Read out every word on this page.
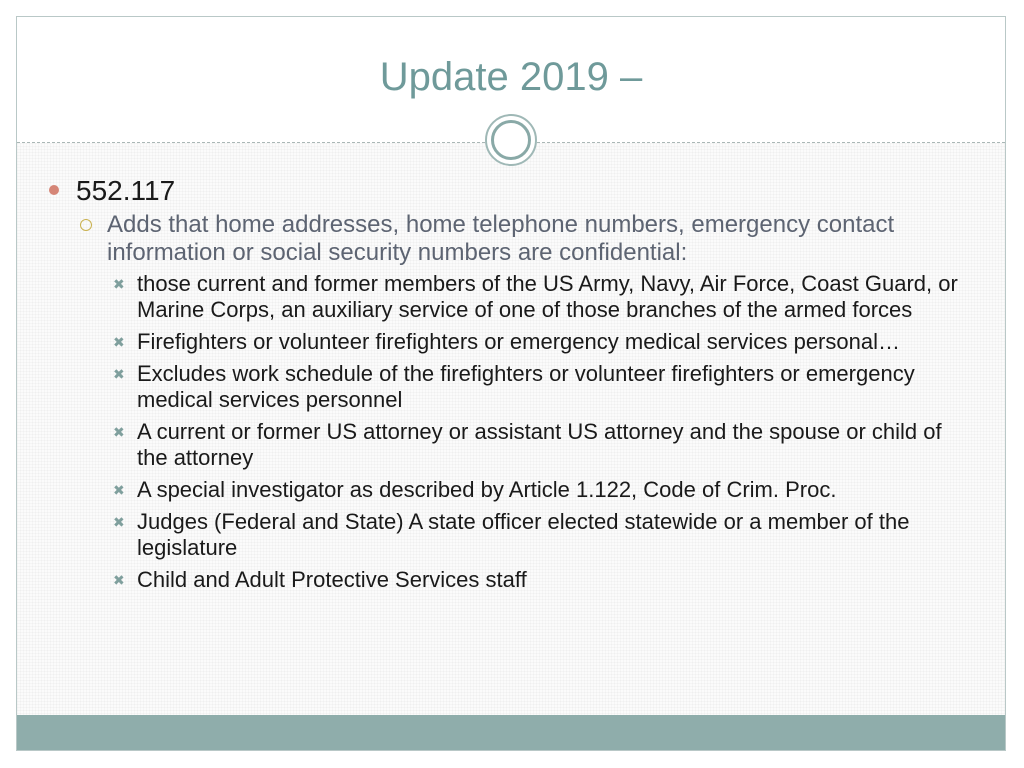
Update 2019 –
552.117
Adds that home addresses, home telephone numbers, emergency contact information or social security numbers are confidential:
✖ those current and former members of the US Army, Navy, Air Force, Coast Guard, or Marine Corps, an auxiliary service of one of those branches of the armed forces
✖ Firefighters or volunteer firefighters or emergency medical services personal…
✖ Excludes work schedule of the firefighters or volunteer firefighters or emergency medical services personnel
✖ A current or former US attorney or assistant US attorney and the spouse or child of the attorney
✖ A special investigator as described by Article 1.122, Code of Crim. Proc.
✖ Judges (Federal and State) A state officer elected statewide or a member of the legislature
✖ Child and Adult Protective Services staff
